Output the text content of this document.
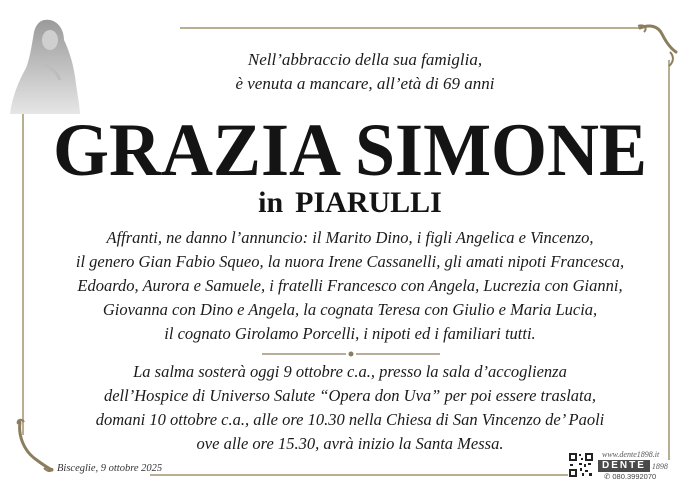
Nell’abbraccio della sua famiglia,
è venuta a mancare, all’età di 69 anni
GRAZIA SIMONE
in PIARULLI
Affranti, ne danno l’annuncio: il Marito Dino, i figli Angelica e Vincenzo,
il genero Gian Fabio Squeo, la nuora Irene Cassanelli, gli amati nipoti Francesca,
Edoardo, Aurora e Samuele, i fratelli Francesco con Angela, Lucrezia con Gianni,
Giovanna con Dino e Angela, la cognata Teresa con Giulio e Maria Lucia,
il cognato Girolamo Porcelli, i nipoti ed i familiari tutti.
La salma sosterà oggi 9 ottobre c.a., presso la sala d’accoglienza
dell’Hospice di Universo Salute “Opera don Uva” per poi essere traslata,
domani 10 ottobre c.a., alle ore 10.30 nella Chiesa di San Vincenzo de’ Paoli
ove alle ore 15.30, avrà inizio la Santa Messa.
Bisceglie, 9 ottobre 2025
www.dente1898.it
DENTE 1898
✆ 080.3992070
